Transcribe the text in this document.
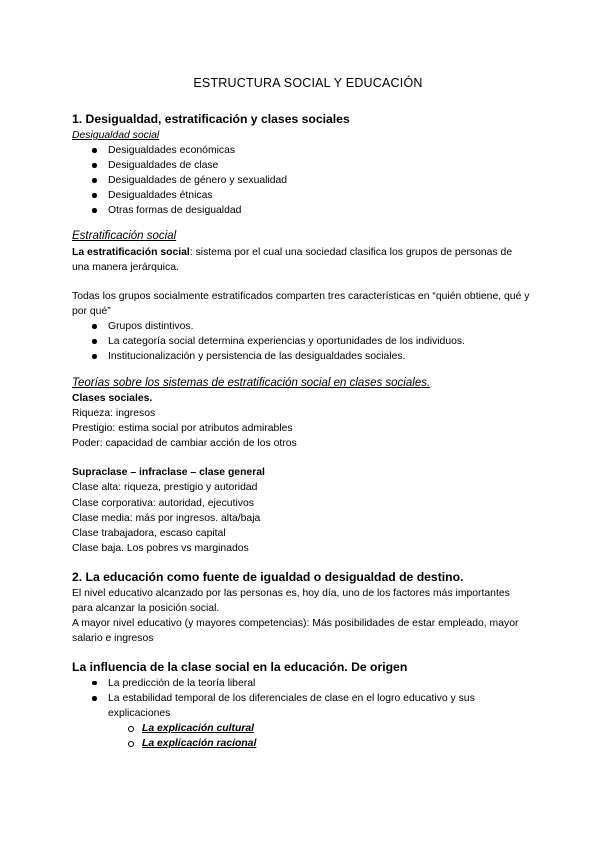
ESTRUCTURA SOCIAL Y EDUCACIÓN
1. Desigualdad, estratificación y clases sociales
Desigualdad social
Desigualdades económicas
Desigualdades de clase
Desigualdades de género y sexualidad
Desigualdades étnicas
Otras formas de desigualdad
Estratificación social

La estratificación social: sistema por el cual una sociedad clasifica los grupos de personas de una manera jerárquica.

Todas los grupos socialmente estratificados comparten tres características en “quién obtiene, qué y por qué”

Grupos distintivos.
La categoría social determina experiencias y oportunidades de los individuos.
Institucionalización y persistencia de las desigualdades sociales.
Teorías sobre los sistemas de estratificación social en clases sociales.

Clases sociales.

Riqueza: ingresos

Prestigio: estima social por atributos admirables

Poder: capacidad de cambiar acción de los otros

Supraclase – infraclase – clase general

Clase alta: riqueza, prestigio y autoridad

Clase corporativa: autoridad, ejecutivos

Clase media: más por ingresos. alta/baja

Clase trabajadora, escaso capital

Clase baja. Los pobres vs marginados

2. La educación como fuente de igualdad o desigualdad de destino.

El nivel educativo alcanzado por las personas es, hoy día, uno de los factores más importantes para alcanzar la posición social.

A mayor nivel educativo (y mayores competencias): Más posibilidades de estar empleado, mayor salario e ingresos

La influencia de la clase social en la educación. De origen
La predicción de la teoría liberal
La estabilidad temporal de los diferenciales de clase en el logro educativo y sus explicaciones
La explicación cultural
La explicación racional
